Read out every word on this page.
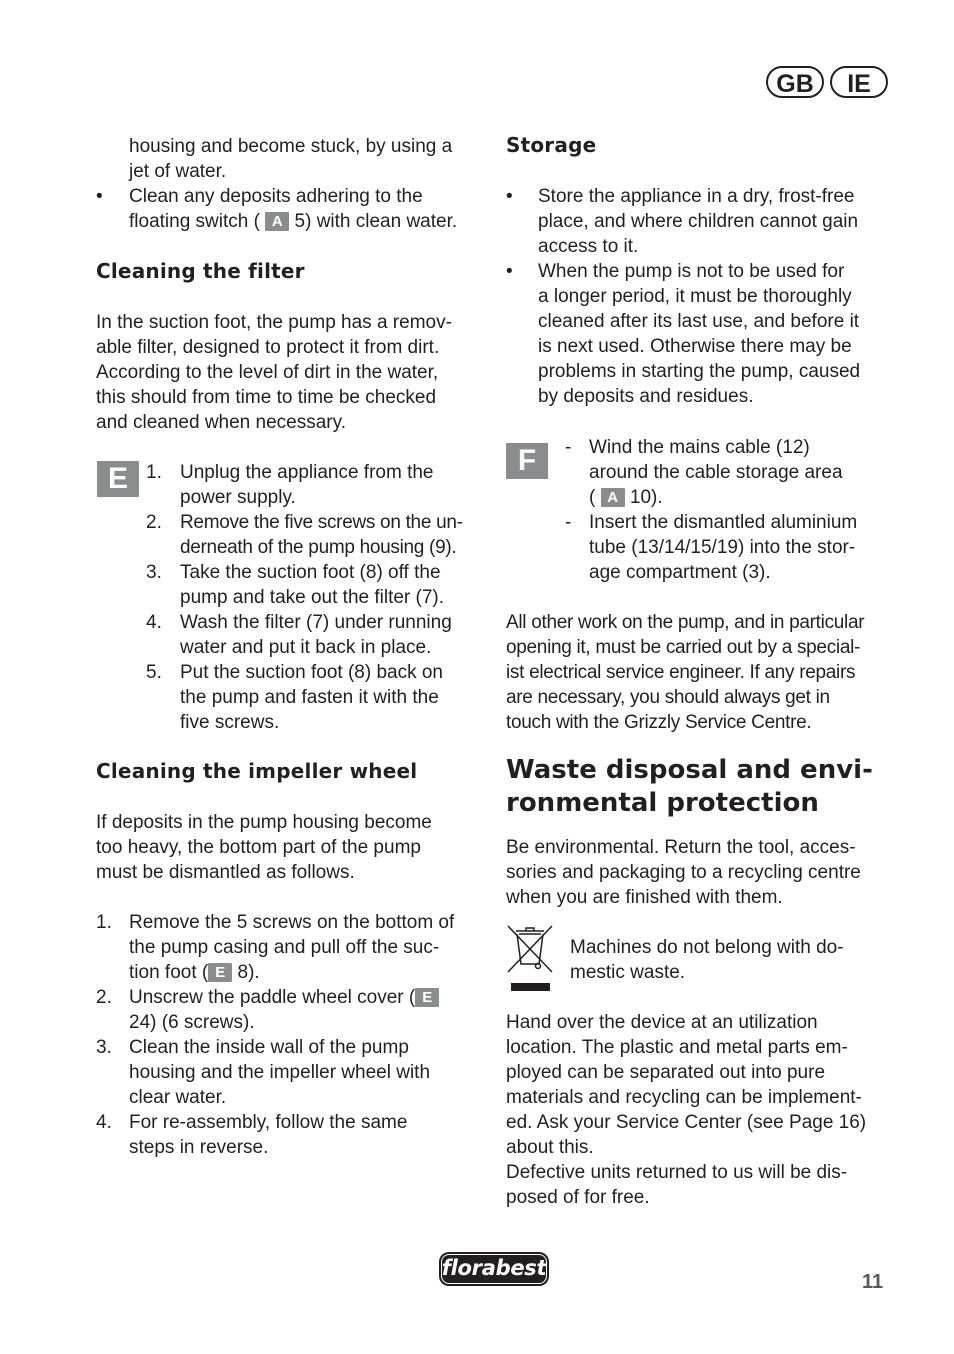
GB	IE
housing and become stuck, by using a
jet of water.
• Clean any deposits adhering to the
floating switch ( A 5) with clean water.
Cleaning the filter
In the suction foot, the pump has a remov-
able filter, designed to protect it from dirt.
According to the level of dirt in the water,
this should from time to time be checked
and cleaned when necessary.
E 1. Unplug the appliance from the
power supply.
2. Remove the five screws on the un-
derneath of the pump housing (9).
3. Take the suction foot (8) off the
pump and take out the filter (7).
4. Wash the filter (7) under running
water and put it back in place.
5. Put the suction foot (8) back on
the pump and fasten it with the
five screws.
Cleaning the impeller wheel
If deposits in the pump housing become
too heavy, the bottom part of the pump
must be dismantled as follows.
1. Remove the 5 screws on the bottom of
the pump casing and pull off the suc-
tion foot ( E 8).
2. Unscrew the paddle wheel cover ( E
24) (6 screws).
3. Clean the inside wall of the pump
housing and the impeller wheel with
clear water.
4. For re-assembly, follow the same
steps in reverse.
Storage
• Store the appliance in a dry, frost-free
place, and where children cannot gain
access to it.
• When the pump is not to be used for
a longer period, it must be thoroughly
cleaned after its last use, and before it
is next used. Otherwise there may be
problems in starting the pump, caused
by deposits and residues.
F	- Wind the mains cable (12)
around the cable storage area
( A 10).
- Insert the dismantled aluminium
tube (13/14/15/19) into the stor-
age compartment (3).
All other work on the pump, and in particular
opening it, must be carried out by a special-
ist electrical service engineer. If any repairs
are necessary, you should always get in
touch with the Grizzly Service Centre.
Waste disposal and envi-
ronmental protection
Be environmental. Return the tool, acces-
sories and packaging to a recycling centre
when you are finished with them.
Machines do not belong with do-
mestic waste.
Hand over the device at an utilization
location. The plastic and metal parts em-
ployed can be separated out into pure
materials and recycling can be implement-
ed. Ask your Service Center (see Page 16)
about this.
Defective units returned to us will be dis-
posed of for free.
florabest
11
